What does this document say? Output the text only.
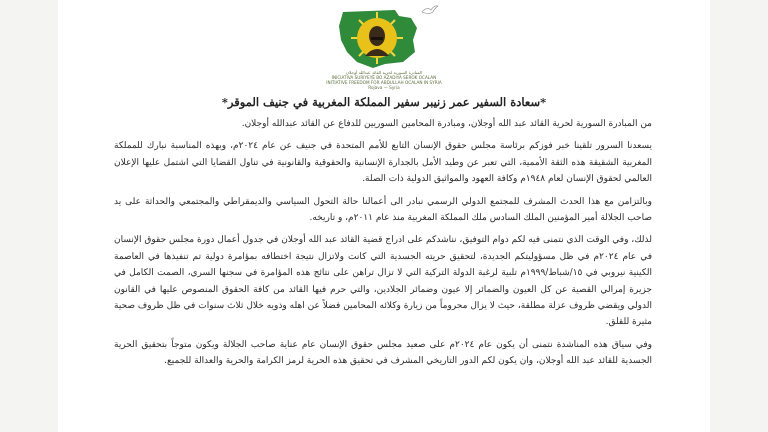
المبادرة السورية لحرية القائد عبدالله أوجلان
INICIATIVA SURIYEYÊ BO AZADIYA SEROK OCALAN
INITIATIVE FREEDOM FOR ABDULLAH OCALAN IN SYRIA
Rojava — Syria
*سعادة السفير عمر زنيبر سفير المملكة المغربية في جنيف الموقر*

من المبادرة السورية لحرية القائد عبد الله أوجلان، ومبادرة المحامين السوريين للدفاع عن القائد عبدالله أوجلان.

يسعدنا السرور تلقينا خبر فوزكم برئاسة مجلس حقوق الإنسان التابع للأمم المتحدة في جنيف عن عام ٢٠٢٤م، وبهذه المناسبة نبارك للمملكة المغربية الشقيقة هذه الثقة الأممية، التي تعبر عن وطيد الأمل بالجدارة الإنسانية والحقوقية والقانونية في تناول القضايا التي اشتمل عليها الإعلان العالمي لحقوق الإنسان لعام ١٩٤٨م وكافة العهود والمواثيق الدولية ذات الصلة.

وبالتزامن مع هذا الحدث المشرف للمجتمع الدولي الرسمي نبادر الى أعمالنا حالة التحول السياسي والديمقراطي والمجتمعي والحداثة على يد صاحب الجلالة أمير المؤمنين الملك السادس ملك المملكة المغربية منذ عام ٢٠١١م، و تاريخه.

لذلك، وفي الوقت الذي نتمنى فيه لكم دوام التوفيق، نناشدكم على ادراج قضية القائد عبد الله أوجلان في جدول أعمال دورة مجلس حقوق الإنسان في عام ٢٠٢٤م في ظل مسؤوليتكم الجديدة، لتحقيق حريته الجسدية التي كانت ولاتزال نتيجة اختطافه بمؤامرة دولية تم تنفيذها في العاصمة الكينية نيروبي في ١٥/شباط/١٩٩٩م تلبية لرغبة الدولة التركية التي لا تزال تراهن على نتائج هذه المؤامرة في سجنها السري، الصمت الكامل في جزيرة إمرالي القصية عن كل العيون والضمائر إلا عيون وضمائر الجلادين، والتي حرم فيها القائد من كافة الحقوق المنصوص عليها في القانون الدولي ويقضي ظروف عزلة مطلقة، حيث لا يزال محروماً من زيارة وكلائه المحامين فضلاً عن اهله وذويه خلال ثلاث سنوات في ظل ظروف صحية مثيرة للقلق.

وفي سياق هذه المناشدة نتمنى أن يكون عام ٢٠٢٤م على صعيد مجلس حقوق الإنسان عام عناية صاحب الجلالة ويكون متوجاً بتحقيق الحرية الجسدية للقائد عبد الله أوجلان، وان يكون لكم الدور التاريخي المشرف في تحقيق هذه الحرية لرمز الكرامة والحرية والعدالة للجميع.
